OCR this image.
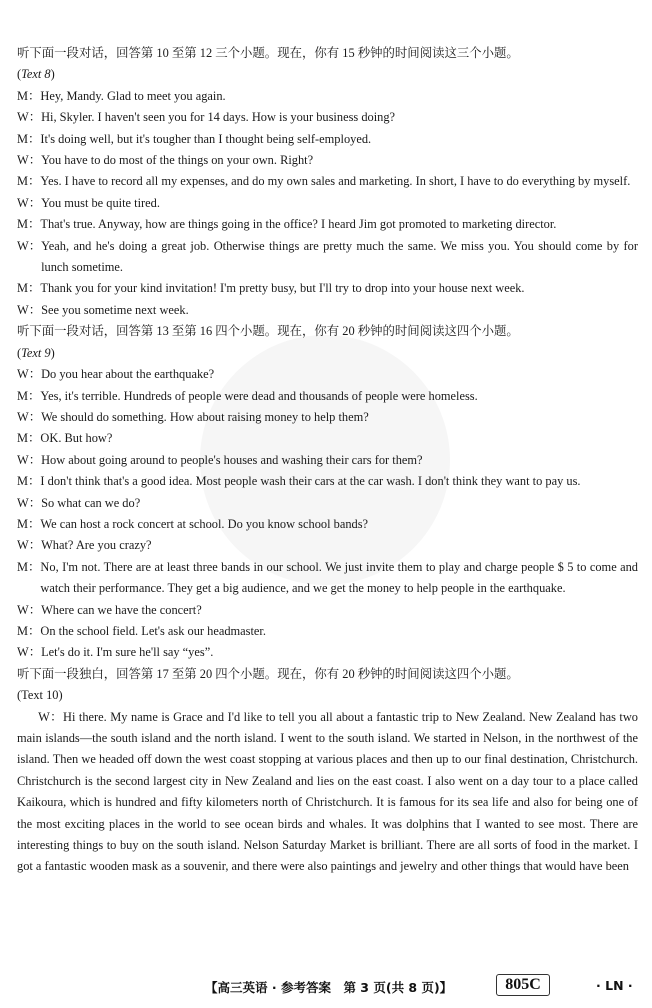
听下面一段对话，回答第 10 至第 12 三个小题。现在，你有 15 秒钟的时间阅读这三个小题。
(Text 8)
M： Hey, Mandy. Glad to meet you again.
W： Hi, Skyler. I haven't seen you for 14 days. How is your business doing?
M： It's doing well, but it's tougher than I thought being self-employed.
W： You have to do most of the things on your own. Right?
M： Yes. I have to record all my expenses, and do my own sales and marketing. In short, I have to do everything by myself.
W： You must be quite tired.
M： That's true. Anyway, how are things going in the office? I heard Jim got promoted to marketing director.
W： Yeah, and he's doing a great job. Otherwise things are pretty much the same. We miss you. You should come by for lunch sometime.
M： Thank you for your kind invitation! I'm pretty busy, but I'll try to drop into your house next week.
W： See you sometime next week.
听下面一段对话，回答第 13 至第 16 四个小题。现在，你有 20 秒钟的时间阅读这四个小题。
(Text 9)
W： Do you hear about the earthquake?
M： Yes, it's terrible. Hundreds of people were dead and thousands of people were homeless.
W： We should do something. How about raising money to help them?
M： OK. But how?
W： How about going around to people's houses and washing their cars for them?
M： I don't think that's a good idea. Most people wash their cars at the car wash. I don't think they want to pay us.
W： So what can we do?
M： We can host a rock concert at school. Do you know school bands?
W： What? Are you crazy?
M： No, I'm not. There are at least three bands in our school. We just invite them to play and charge people $ 5 to come and watch their performance. They get a big audience, and we get the money to help people in the earthquake.
W： Where can we have the concert?
M： On the school field. Let's ask our headmaster.
W： Let's do it. I'm sure he'll say “yes”.
听下面一段独白，回答第 17 至第 20 四个小题。现在，你有 20 秒钟的时间阅读这四个小题。
(Text 10)
W：Hi there. My name is Grace and I'd like to tell you all about a fantastic trip to New Zealand. New Zealand has two main islands—the south island and the north island. I went to the south island. We started in Nelson, in the northwest of the island. Then we headed off down the west coast stopping at various places and then up to our final destination, Christchurch. Christchurch is the second largest city in New Zealand and lies on the east coast. I also went on a day tour to a place called Kaikoura, which is hundred and fifty kilometers north of Christchurch. It is famous for its sea life and also for being one of the most exciting places in the world to see ocean birds and whales. It was dolphins that I wanted to see most. There are interesting things to buy on the south island. Nelson Saturday Market is brilliant. There are all sorts of food in the market. I got a fantastic wooden mask as a souvenir, and there were also paintings and jewelry and other things that would have been
【高三英语 · 参考答案　第 3 页(共 8 页)】	805C	· LN ·
